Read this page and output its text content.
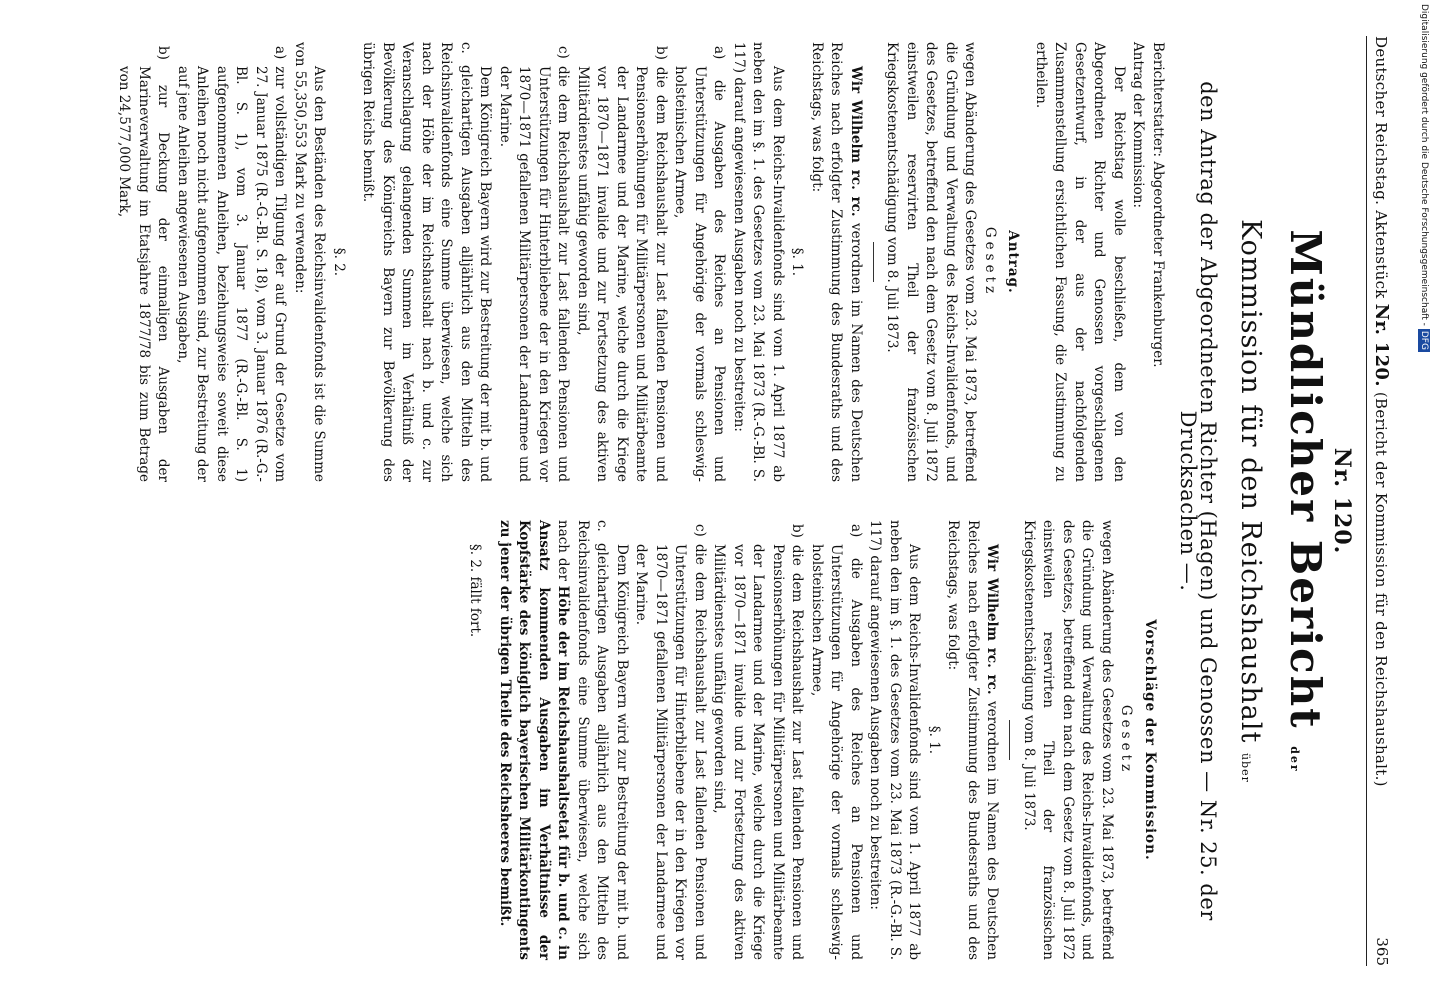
Deutscher Reichstag. Aktenstück Nr. 120. (Bericht der Kommission für den Reichshaushalt.)
365
Nr. 120.
Mündlicher Bericht der
Kommission für den Reichshaushalt über
den Antrag der Abgeordneten Richter (Hagen) und Genossen — Nr. 25. der Drucksachen —.

Berichterstatter: Abgeordneter Frankenburger.

Antrag der Kommission:

Der Reichstag wolle beschließen, dem von den Abgeordneten Richter und Genossen vorgeschlagenen Gesetzentwurf, in der aus der nachfolgenden Zusammenstellung ersichtlichen Fassung, die Zustimmung zu ertheilen.

Antrag.
Gesetz

wegen Abänderung des Gesetzes vom 23. Mai 1873, betreffend die Gründung und Verwaltung des Reichs-Invalidenfonds, und des Gesetzes, betreffend den nach dem Gesetz vom 8. Juli 1872 einstweilen reservirten Theil der französischen Kriegskostenentschädigung vom 8. Juli 1873.

Wir Wilhelm rc. rc. verordnen im Namen des Deutschen Reiches nach erfolgter Zustimmung des Bundesraths und des Reichstags, was folgt:

§. 1.

Aus dem Reichs-Invalidenfonds sind vom 1. April 1877 ab neben den im §. 1. des Gesetzes vom 23. Mai 1873 (R.-G.-Bl. S. 117) darauf angewiesenen Ausgaben noch zu bestreiten:

a) die Ausgaben des Reiches an Pensionen und Unterstützungen für Angehörige der vormals schleswig-holsteinischen Armee,

b) die dem Reichshaushalt zur Last fallenden Pensionen und Pensionserhöhungen für Militärpersonen und Militärbeamte der Landarmee und der Marine, welche durch die Kriege vor 1870—1871 invalide und zur Fortsetzung des aktiven Militärdienstes unfähig geworden sind,

c) die dem Reichshaushalt zur Last fallenden Pensionen und Unterstützungen für Hinterbliebene der in den Kriegen vor 1870—1871 gefallenen Militärpersonen der Landarmee und der Marine.

Dem Königreich Bayern wird zur Bestreitung der mit b. und c. gleichartigen Ausgaben alljährlich aus den Mitteln des Reichsinvalidenfonds eine Summe überwiesen, welche sich nach der Höhe der im Reichshaushalt nach b. und c. zur Veranschlagung gelangenden Summen im Verhältniß der Bevölkerung des Königreichs Bayern zur Bevölkerung des übrigen Reichs bemißt.

§. 2.

Aus den Beständen des Reichsinvalidenfonds ist die Summe von 55,350,553 Mark zu verwenden:

a) zur vollständigen Tilgung der auf Grund der Gesetze vom 27. Januar 1875 (R.-G.-Bl. S. 18), vom 3. Januar 1876 (R.-G.-Bl. S. 1), vom 3. Januar 1877 (R.-G.-Bl. S. 1) aufgenommenen Anleihen, beziehungsweise soweit diese Anleihen noch nicht aufgenommen sind, zur Bestreitung der auf jene Anleihen angewiesenen Ausgaben,

b) zur Deckung der einmaligen Ausgaben der Marineverwaltung im Etatsjahre 1877/78 bis zum Betrage von 24,577,000 Mark,

Vorschläge der Kommission.
Gesetz

wegen Abänderung des Gesetzes vom 23. Mai 1873, betreffend die Gründung und Verwaltung des Reichs-Invalidenfonds, und des Gesetzes, betreffend den nach dem Gesetz vom 8. Juli 1872 einstweilen reservirten Theil der französischen Kriegskostenentschädigung vom 8. Juli 1873.

Wir Wilhelm rc. rc. verordnen im Namen des Deutschen Reiches nach erfolgter Zustimmung des Bundesraths und des Reichstags, was folgt:

§. 1.

Aus dem Reichs-Invalidenfonds sind vom 1. April 1877 ab neben den im §. 1. des Gesetzes vom 23. Mai 1873 (R.-G.-Bl. S. 117) darauf angewiesenen Ausgaben noch zu bestreiten:

a) die Ausgaben des Reiches an Pensionen und Unterstützungen für Angehörige der vormals schleswig-holsteinischen Armee,

b) die dem Reichshaushalt zur Last fallenden Pensionen und Pensionserhöhungen für Militärpersonen und Militärbeamte der Landarmee und der Marine, welche durch die Kriege vor 1870—1871 invalide und zur Fortsetzung des aktiven Militärdienstes unfähig geworden sind,

c) die dem Reichshaushalt zur Last fallenden Pensionen und Unterstützungen für Hinterbliebene der in den Kriegen vor 1870—1871 gefallenen Militärpersonen der Landarmee und der Marine.

Dem Königreich Bayern wird zur Bestreitung der mit b. und c. gleichartigen Ausgaben alljährlich aus den Mitteln des Reichsinvalidenfonds eine Summe überwiesen, welche sich nach der Höhe der im Reichshaushaltsetat für b. und c. in Ansatz kommenden Ausgaben im Verhältnisse der Kopfstärke des königlich bayerischen Militärkontingents zu jener der übrigen Theile des Reichsheeres bemißt.

§. 2. fällt fort.

Digitalisierung gefördert durch die Deutsche Forschungsgemeinschaft -DFG
